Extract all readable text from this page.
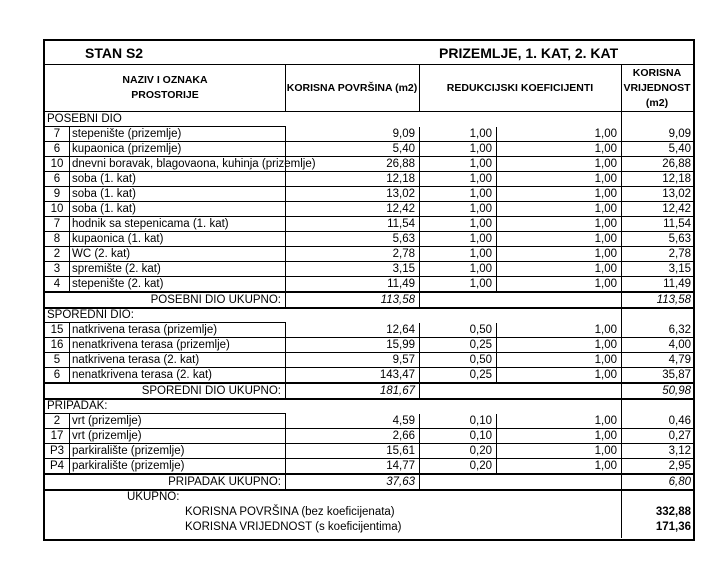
STAN S2	PRIZEMLJE, 1. KAT, 2. KAT
NAZIV I OZNAKA
PROSTORIJE
KORISNA POVRŠINA (m2)	REDUKCIJSKI KOEFICIJENTI
KORISNA
VRIJEDNOST
(m2)
POSEBNI DIO
7	stepenište (prizemlje)	9,09	1,00	1,00	9,09
6	kupaonica (prizemlje)	5,40	1,00	1,00	5,40
10 dnevni boravak, blagovaona, kuhinja (prizemlje)	26,88	1,00	1,00	26,88
6	soba (1. kat)	12,18	1,00	1,00	12,18
9	soba (1. kat)	13,02	1,00	1,00	13,02
10 soba (1. kat)	12,42	1,00	1,00	12,42
7	hodnik sa stepenicama (1. kat)	11,54	1,00	1,00	11,54
8	kupaonica (1. kat)	5,63	1,00	1,00	5,63
2	WC (2. kat)	2,78	1,00	1,00	2,78
3	spremište (2. kat)	3,15	1,00	1,00	3,15
4	stepenište (2. kat)	11,49	1,00	1,00	11,49
POSEBNI DIO UKUPNO:	113,58	113,58
SPOREDNI DIO:
15 natkrivena terasa (prizemlje)	12,64	0,50	1,00	6,32
16 nenatkrivena terasa (prizemlje)	15,99	0,25	1,00	4,00
5	natkrivena terasa (2. kat)	9,57	0,50	1,00	4,79
6	nenatkrivena terasa (2. kat)	143,47	0,25	1,00	35,87
SPOREDNI DIO UKUPNO:	181,67	50,98
PRIPADAK:
2	vrt (prizemlje)	4,59	0,10	1,00	0,46
17 vrt (prizemlje)	2,66	0,10	1,00	0,27
P3 parkiralište (prizemlje)	15,61	0,20	1,00	3,12
P4 parkiralište (prizemlje)	14,77	0,20	1,00	2,95
PRIPADAK UKUPNO:	37,63	6,80
UKUPNO:
KORISNA POVRŠINA (bez koeficijenata)	332,88
KORISNA VRIJEDNOST (s koeficijentima)	171,36
